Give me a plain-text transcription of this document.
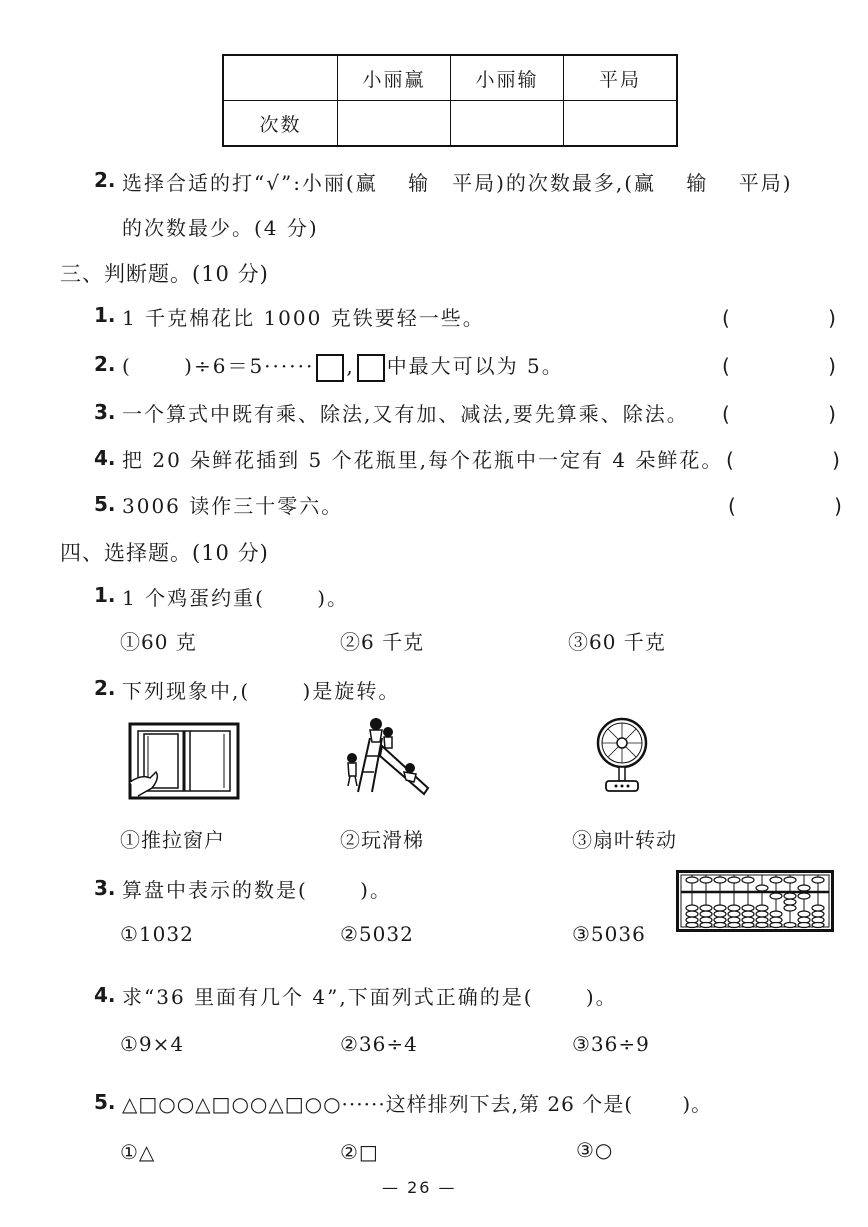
	小丽赢	小丽输	平局
次数			
2. 选择合适的打“√”:小丽(赢　 输　平局)的次数最多,(赢　 输　 平局)
的次数最少。(4 分)
三、判断题。(10 分)
1. 1 千克棉花比 1000 克铁要轻一些。	(　 )
2. (　　 )÷6＝5······ , 中最大可以为 5。	(　 )
3. 一个算式中既有乘、除法,又有加、减法,要先算乘、除法。 (　 )
4. 把 20 朵鲜花插到 5 个花瓶里,每个花瓶中一定有 4 朵鲜花。 (　 )
5. 3006 读作三十零六。	(　 )
四、选择题。(10 分)
1. 1 个鸡蛋约重(　　 )。
①60 克	②6 千克	③60 千克
2. 下列现象中,(　　 )是旋转。
①推拉窗户	②玩滑梯	③扇叶转动
3. 算盘中表示的数是(　　 )。
①1032	②5032	③5036
4. 求“36 里面有几个 4”,下面列式正确的是(　　 )。
①9×4	②36÷4	③36÷9
5. △□○○△□○○△□○○······这样排列下去,第 26 个是(　　 )。
①△	②□	③○
— 26 —
